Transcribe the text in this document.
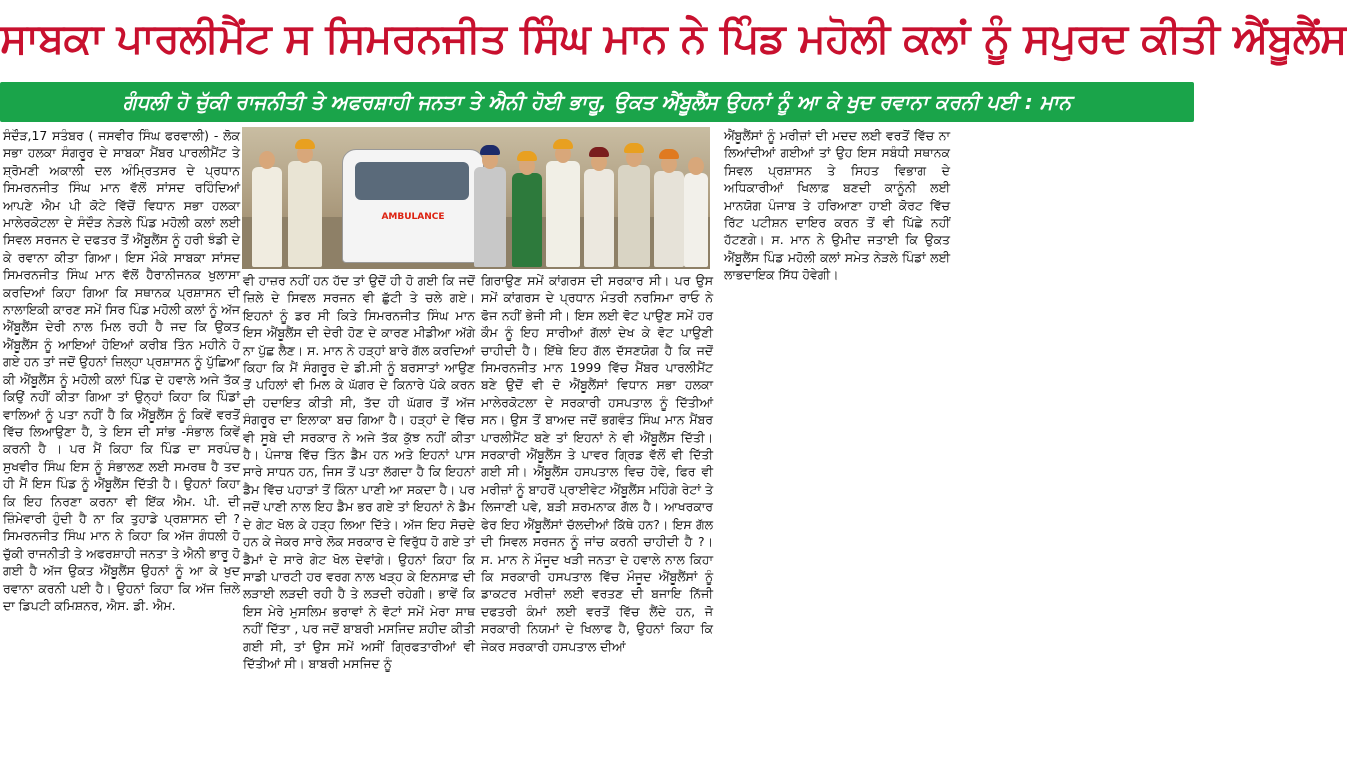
ਸਾਬਕਾ ਪਾਰਲੀਮੈਂਟ ਸ ਸਿਮਰਨਜੀਤ ਸਿੰਘ ਮਾਨ ਨੇ ਪਿੰਡ ਮਹੋਲੀ ਕਲਾਂ ਨੂੰ ਸਪੁਰਦ ਕੀਤੀ ਐਂਬੂਲੈਂਸ
ਗੰਧਲੀ ਹੋ ਚੁੱਕੀ ਰਾਜਨੀਤੀ ਤੇ ਅਫਰਸ਼ਾਹੀ ਜਨਤਾ ਤੇ ਐਨੀ ਹੋਈ ਭਾਰੂ, ਉਕਤ ਐਂਬੂਲੈਂਸ ਉਹਨਾਂ ਨੂੰ ਆ ਕੇ ਖੁਦ ਰਵਾਨਾ ਕਰਨੀ ਪਈ : ਮਾਨ

ਸੰਦੌੜ,17 ਸਤੰਬਰ ( ਜਸਵੀਰ ਸਿੰਘ ਫਰਵਾਲੀ) - ਲੋਕ ਸਭਾ ਹਲਕਾ ਸੰਗਰੂਰ ਦੇ ਸਾਬਕਾ ਮੈਂਬਰ ਪਾਰਲੀਮੈਂਟ ਤੇ ਸ਼੍ਰੋਮਣੀ ਅਕਾਲੀ ਦਲ ਅੰਮ੍ਰਿਤਸਰ ਦੇ ਪ੍ਰਧਾਨ ਸਿਮਰਨਜੀਤ ਸਿੰਘ ਮਾਨ ਵੱਲੋਂ ਸਾਂਸਦ ਰਹਿੰਦਿਆਂ ਆਪਣੇ ਐਮ ਪੀ ਕੋਟੇ ਵਿੱਚੋਂ ਵਿਧਾਨ ਸਭਾ ਹਲਕਾ ਮਾਲੇਰਕੋਟਲਾ ਦੇ ਸੰਦੌੜ ਨੇੜਲੇ ਪਿੰਡ ਮਹੋਲੀ ਕਲਾਂ ਲਈ ਸਿਵਲ ਸਰਜਨ ਦੇ ਦਫਤਰ ਤੋਂ ਐਂਬੂਲੈਂਸ ਨੂੰ ਹਰੀ ਝੰਡੀ ਦੇ ਕੇ ਰਵਾਨਾ ਕੀਤਾ ਗਿਆ। ਇਸ ਮੌਕੇ ਸਾਬਕਾ ਸਾਂਸਦ ਸਿਮਰਨਜੀਤ ਸਿੰਘ ਮਾਨ ਵੱਲੋਂ ਹੈਰਾਨੀਜਨਕ ਖੁਲਾਸਾ ਕਰਦਿਆਂ ਕਿਹਾ ਗਿਆ ਕਿ ਸਥਾਨਕ ਪ੍ਰਸ਼ਾਸਨ ਦੀ ਨਾਲਾਇਕੀ ਕਾਰਣ ਸਮੇਂ ਸਿਰ ਪਿੰਡ ਮਹੋਲੀ ਕਲਾਂ ਨੂੰ ਅੱਜ ਐਂਬੂਲੈਂਸ ਦੇਰੀ ਨਾਲ ਮਿਲ ਰਹੀ ਹੈ ਜਦ ਕਿ ਉਕਤ ਐਂਬੂਲੈਂਸ ਨੂੰ ਆਇਆਂ ਹੋਇਆਂ ਕਰੀਬ ਤਿੰਨ ਮਹੀਨੇ ਹੋ ਗਏ ਹਨ ਤਾਂ ਜਦੋਂ ਉਹਨਾਂ ਜ਼ਿਲ੍ਹਾ ਪ੍ਰਸ਼ਾਸਨ ਨੂੰ ਪੁੱਛਿਆ ਕੀ ਐਂਬੂਲੈਂਸ ਨੂੰ ਮਹੋਲੀ ਕਲਾਂ ਪਿੰਡ ਦੇ ਹਵਾਲੇ ਅਜੇ ਤੱਕ ਕਿਉਂ ਨਹੀਂ ਕੀਤਾ ਗਿਆ ਤਾਂ ਉਨ੍ਹਾਂ ਕਿਹਾ ਕਿ ਪਿੰਡਾਂ ਵਾਲਿਆਂ ਨੂੰ ਪਤਾ ਨਹੀਂ ਹੈ ਕਿ ਐਂਬੂਲੈਂਸ ਨੂੰ ਕਿਵੇਂ ਵਰਤੋਂ ਵਿੱਚ ਲਿਆਉਣਾ ਹੈ, ਤੇ ਇਸ ਦੀ ਸਾਂਭ -ਸੰਭਾਲ ਕਿਵੇਂ ਕਰਨੀ ਹੈ । ਪਰ ਮੈਂ ਕਿਹਾ ਕਿ ਪਿੰਡ ਦਾ ਸਰਪੰਚ ਸੁਖਵੀਰ ਸਿੰਘ ਇਸ ਨੂੰ ਸੰਭਾਲਣ ਲਈ ਸਮਰਥ ਹੈ ਤਦ ਹੀ ਮੈਂ ਇਸ ਪਿੰਡ ਨੂੰ ਐਂਬੂਲੈਂਸ ਦਿੱਤੀ ਹੈ। ਉਹਨਾਂ ਕਿਹਾ ਕਿ ਇਹ ਨਿਰਣਾ ਕਰਨਾ ਵੀ ਇੱਕ ਐਮ. ਪੀ. ਦੀ ਜ਼ਿੰਮੇਵਾਰੀ ਹੁੰਦੀ ਹੈ ਨਾ ਕਿ ਤੁਹਾਡੇ ਪ੍ਰਸ਼ਾਸਨ ਦੀ ? ਸਿਮਰਨਜੀਤ ਸਿੰਘ ਮਾਨ ਨੇ ਕਿਹਾ ਕਿ ਅੱਜ ਗੰਧਲੀ ਹੋ ਚੁੱਕੀ ਰਾਜਨੀਤੀ ਤੇ ਅਫਰਸ਼ਾਹੀ ਜਨਤਾ ਤੇ ਐਨੀ ਭਾਰੂ ਹੋ ਗਈ ਹੈ ਅੱਜ ਉਕਤ ਐਂਬੂਲੈਂਸ ਉਹਨਾਂ ਨੂੰ ਆ ਕੇ ਖੁਦ ਰਵਾਨਾ ਕਰਨੀ ਪਈ ਹੈ। ਉਹਨਾਂ ਕਿਹਾ ਕਿ ਅੱਜ ਜ਼ਿਲੇ ਦਾ ਡਿਪਟੀ ਕਮਿਸ਼ਨਰ, ਐਸ. ਡੀ. ਐਮ.

AMBULANCE

ਵੀ ਹਾਜ਼ਰ ਨਹੀਂ ਹਨ ਹੱਦ ਤਾਂ ਉਦੋਂ ਹੀ ਹੋ ਗਈ ਕਿ ਜਦੋਂ ਜ਼ਿਲੇ ਦੇ ਸਿਵਲ ਸਰਜਨ ਵੀ ਛੁੱਟੀ ਤੇ ਚਲੇ ਗਏ। ਇਹਨਾਂ ਨੂੰ ਡਰ ਸੀ ਕਿਤੇ ਸਿਮਰਨਜੀਤ ਸਿੰਘ ਮਾਨ ਇਸ ਐਂਬੂਲੈਂਸ ਦੀ ਦੇਰੀ ਹੋਣ ਦੇ ਕਾਰਣ ਮੀਡੀਆ ਅੱਗੇ ਨਾ ਪੁੱਛ ਲੈਣ। ਸ. ਮਾਨ ਨੇ ਹੜ੍ਹਾਂ ਬਾਰੇ ਗੱਲ ਕਰਦਿਆਂ ਕਿਹਾ ਕਿ ਮੈਂ ਸੰਗਰੂਰ ਦੇ ਡੀ.ਸੀ ਨੂੰ ਬਰਸਾਤਾਂ ਆਉਣ ਤੋਂ ਪਹਿਲਾਂ ਵੀ ਮਿਲ ਕੇ ਘੱਗਰ ਦੇ ਕਿਨਾਰੇ ਪੱਕੇ ਕਰਨ ਦੀ ਹਦਾਇਤ ਕੀਤੀ ਸੀ, ਤੱਦ ਹੀ ਘੱਗਰ ਤੋਂ ਅੱਜ ਸੰਗਰੂਰ ਦਾ ਇਲਾਕਾ ਬਚ ਗਿਆ ਹੈ। ਹੜ੍ਹਾਂ ਦੇ ਵਿੱਚ ਵੀ ਸੂਬੇ ਦੀ ਸਰਕਾਰ ਨੇ ਅਜੇ ਤੱਕ ਕੁੱਝ ਨਹੀਂ ਕੀਤਾ ਹੈ। ਪੰਜਾਬ ਵਿੱਚ ਤਿੰਨ ਡੈਮ ਹਨ ਅਤੇ ਇਹਨਾਂ ਪਾਸ ਸਾਰੇ ਸਾਧਨ ਹਨ, ਜਿਸ ਤੋਂ ਪਤਾ ਲੱਗਦਾ ਹੈ ਕਿ ਇਹਨਾਂ ਡੈਮ ਵਿੱਚ ਪਹਾੜਾਂ ਤੋਂ ਕਿੰਨਾ ਪਾਣੀ ਆ ਸਕਦਾ ਹੈ। ਪਰ ਜਦੋਂ ਪਾਣੀ ਨਾਲ ਇਹ ਡੈਮ ਭਰ ਗਏ ਤਾਂ ਇਹਨਾਂ ਨੇ ਡੈਮ ਦੇ ਗੇਟ ਖੋਲ ਕੇ ਹੜ੍ਹ ਲਿਆ ਦਿੱਤੇ। ਅੱਜ ਇਹ ਸੋਚਦੇ ਹਨ ਕੇ ਜੇਕਰ ਸਾਰੇ ਲੋਕ ਸਰਕਾਰ ਦੇ ਵਿਰੁੱਧ ਹੋ ਗਏ ਤਾਂ ਡੈਮਾਂ ਦੇ ਸਾਰੇ ਗੇਟ ਖੋਲ ਦੇਵਾਂਗੇ। ਉਹਨਾਂ ਕਿਹਾ ਕਿ ਸਾਡੀ ਪਾਰਟੀ ਹਰ ਵਰਗ ਨਾਲ ਖੜ੍ਹ ਕੇ ਇਨਸਾਫ਼ ਦੀ ਲੜਾਈ ਲੜਦੀ ਰਹੀ ਹੈ ਤੇ ਲੜਦੀ ਰਹੇਗੀ। ਭਾਵੇਂ ਕਿ ਇਸ ਮੇਰੇ ਮੁਸਲਿਮ ਭਰਾਵਾਂ ਨੇ ਵੋਟਾਂ ਸਮੇਂ ਮੇਰਾ ਸਾਥ ਨਹੀਂ ਦਿੱਤਾ , ਪਰ ਜਦੋਂ ਬਾਬਰੀ ਮਸਜਿਦ ਸ਼ਹੀਦ ਕੀਤੀ ਗਈ ਸੀ, ਤਾਂ ਉਸ ਸਮੇਂ ਅਸੀਂ ਗ੍ਰਿਫਤਾਰੀਆਂ ਵੀ ਦਿੱਤੀਆਂ ਸੀ। ਬਾਬਰੀ ਮਸਜਿਦ ਨੂੰ

ਗਿਰਾਉਣ ਸਮੇਂ ਕਾਂਗਰਸ ਦੀ ਸਰਕਾਰ ਸੀ। ਪਰ ਉਸ ਸਮੇਂ ਕਾਂਗਰਸ ਦੇ ਪ੍ਰਧਾਨ ਮੰਤਰੀ ਨਰਸਿਮਾ ਰਾਓ ਨੇ ਫੋਜ ਨਹੀਂ ਭੇਜੀ ਸੀ। ਇਸ ਲਈ ਵੋਟ ਪਾਉਣ ਸਮੇਂ ਹਰ ਕੌਮ ਨੂੰ ਇਹ ਸਾਰੀਆਂ ਗੱਲਾਂ ਦੇਖ ਕੇ ਵੋਟ ਪਾਉਣੀ ਚਾਹੀਦੀ ਹੈ। ਇੱਥੇ ਇਹ ਗੱਲ ਦੱਸਣਯੋਗ ਹੈ ਕਿ ਜਦੋਂ ਸਿਮਰਨਜੀਤ ਮਾਨ 1999 ਵਿੱਚ ਮੈਂਬਰ ਪਾਰਲੀਮੈਂਟ ਬਣੇ ਉਦੋਂ ਵੀ ਦੋ ਐਂਬੂਲੈਂਸਾਂ ਵਿਧਾਨ ਸਭਾ ਹਲਕਾ ਮਾਲੇਰਕੋਟਲਾ ਦੇ ਸਰਕਾਰੀ ਹਸਪਤਾਲ ਨੂੰ ਦਿੱਤੀਆਂ ਸਨ। ਉਸ ਤੋਂ ਬਾਅਦ ਜਦੋਂ ਭਗਵੰਤ ਸਿੰਘ ਮਾਨ ਮੈਂਬਰ ਪਾਰਲੀਮੈਂਟ ਬਣੇ ਤਾਂ ਇਹਨਾਂ ਨੇ ਵੀ ਐਂਬੂਲੈਂਸ ਦਿੱਤੀ। ਸਰਕਾਰੀ ਐਂਬੂਲੈਂਸ ਤੇ ਪਾਵਰ ਗ੍ਰਿਡ ਵੱਲੋਂ ਵੀ ਦਿੱਤੀ ਗਈ ਸੀ। ਐਂਬੂਲੈਂਸ ਹਸਪਤਾਲ ਵਿਚ ਹੋਵੇ, ਫਿਰ ਵੀ ਮਰੀਜ਼ਾਂ ਨੂੰ ਬਾਹਰੋਂ ਪ੍ਰਾਈਵੇਟ ਐਂਬੂਲੈਂਸ ਮਹਿੰਗੇ ਰੇਟਾਂ ਤੇ ਲਿਜਾਣੀ ਪਵੇ, ਬੜੀ ਸ਼ਰਮਨਾਕ ਗੱਲ ਹੈ। ਆਖਰਕਾਰ ਫੇਰ ਇਹ ਐਂਬੂਲੈਂਸਾਂ ਚੱਲਦੀਆਂ ਕਿੱਥੇ ਹਨ?। ਇਸ ਗੱਲ ਦੀ ਸਿਵਲ ਸਰਜਨ ਨੂੰ ਜਾਂਚ ਕਰਨੀ ਚਾਹੀਦੀ ਹੈ ?। ਸ. ਮਾਨ ਨੇ ਮੌਜੂਦ ਖੜੀ ਜਨਤਾ ਦੇ ਹਵਾਲੇ ਨਾਲ ਕਿਹਾ ਕਿ ਸਰਕਾਰੀ ਹਸਪਤਾਲ ਵਿੱਚ ਮੌਜੂਦ ਐਂਬੂਲੈਂਸਾਂ ਨੂੰ ਡਾਕਟਰ ਮਰੀਜ਼ਾਂ ਲਈ ਵਰਤਣ ਦੀ ਬਜਾਇ ਨਿੱਜੀ ਦਫਤਰੀ ਕੰਮਾਂ ਲਈ ਵਰਤੋਂ ਵਿੱਚ ਲੈਂਦੇ ਹਨ, ਜੋ ਸਰਕਾਰੀ ਨਿਯਮਾਂ ਦੇ ਖਿਲਾਫ ਹੈ, ਉਹਨਾਂ ਕਿਹਾ ਕਿ ਜੇਕਰ ਸਰਕਾਰੀ ਹਸਪਤਾਲ ਦੀਆਂ

ਐਂਬੂਲੈਂਸਾਂ ਨੂੰ ਮਰੀਜ਼ਾਂ ਦੀ ਮਦਦ ਲਈ ਵਰਤੋਂ ਵਿੱਚ ਨਾ ਲਿਆਂਦੀਆਂ ਗਈਆਂ ਤਾਂ ਉਹ ਇਸ ਸਬੰਧੀ ਸਥਾਨਕ ਸਿਵਲ ਪ੍ਰਸ਼ਾਸਨ ਤੇ ਸਿਹਤ ਵਿਭਾਗ ਦੇ ਅਧਿਕਾਰੀਆਂ ਖਿਲਾਫ਼ ਬਣਦੀ ਕਾਨੂੰਨੀ ਲਈ ਮਾਨਯੋਗ ਪੰਜਾਬ ਤੇ ਹਰਿਆਣਾ ਹਾਈ ਕੋਰਟ ਵਿੱਚ ਰਿੱਟ ਪਟੀਸ਼ਨ ਦਾਇਰ ਕਰਨ ਤੋਂ ਵੀ ਪਿੱਛੇ ਨਹੀਂ ਹੱਟਣਗੇ। ਸ. ਮਾਨ ਨੇ ਉਮੀਦ ਜਤਾਈ ਕਿ ਉਕਤ ਐਂਬੂਲੈਂਸ ਪਿੰਡ ਮਹੋਲੀ ਕਲਾਂ ਸਮੇਤ ਨੇੜਲੇ ਪਿੰਡਾਂ ਲਈ ਲਾਭਦਾਇਕ ਸਿੱਧ ਹੋਵੇਗੀ।
